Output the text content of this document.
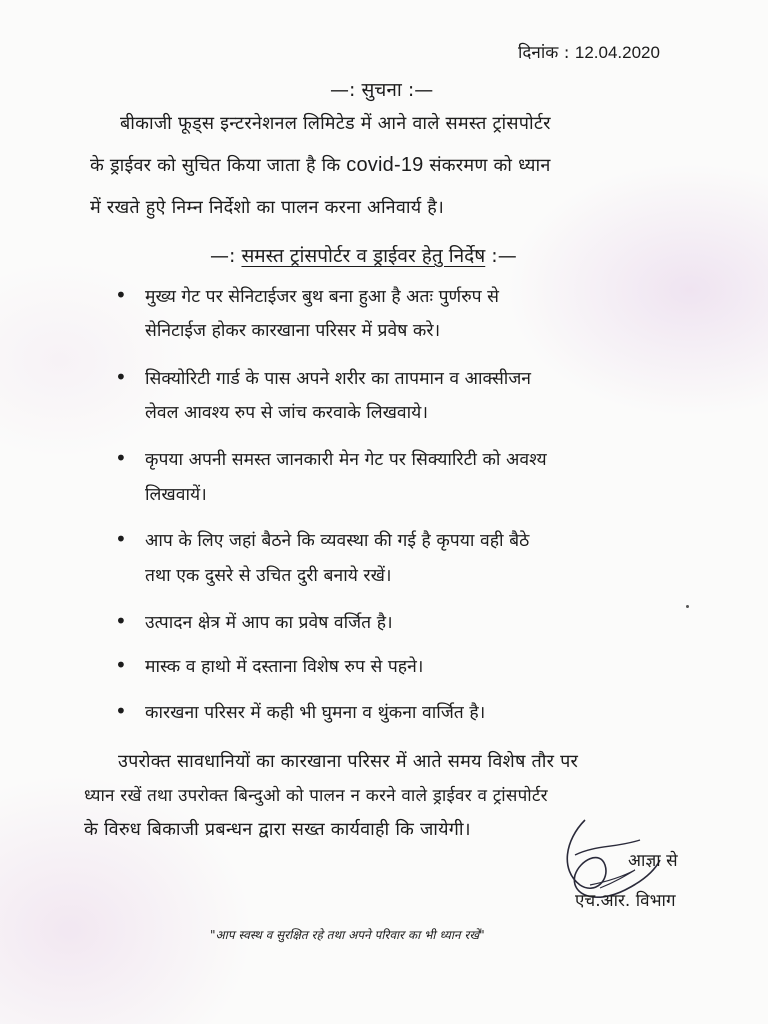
दिनांक : 12.04.2020
—: सुचना :—
बीकाजी फूड्स इन्टरनेशनल लिमिटेड में आने वाले समस्त ट्रांसपोर्टर
के ड्राईवर को सुचित किया जाता है कि covid-19 संकरमण को ध्यान
में रखते हुऐ निम्न निर्देशो का पालन करना अनिवार्य है।
—: समस्त ट्रांसपोर्टर व ड्राईवर हेतु निर्देष :—
• मुख्य गेट पर सेनिटाईजर बुथ बना हुआ है अतः पुर्णरुप से
सेनिटाईज होकर कारखाना परिसर में प्रवेष करे।
• सिक्योरिटी गार्ड के पास अपने शरीर का तापमान व आक्सीजन
लेवल आवश्य रुप से जांच करवाके लिखवाये।
• कृपया अपनी समस्त जानकारी मेन गेट पर सिक्यारिटी को अवश्य
लिखवायें।
• आप के लिए जहां बैठने कि व्यवस्था की गई है कृपया वही बैठे
तथा एक दुसरे से उचित दुरी बनाये रखें।
• उत्पादन क्षेत्र में आप का प्रवेष वर्जित है।
• मास्क व हाथो में दस्ताना विशेष रुप से पहने।
• कारखना परिसर में कही भी घुमना व थुंकना वार्जित है।
उपरोक्त सावधानियों का कारखाना परिसर में आते समय विशेष तौर पर
ध्यान रखें तथा उपरोक्त बिन्दुओ को पालन न करने वाले ड्राईवर व ट्रांसपोर्टर
के विरुध बिकाजी प्रबन्धन द्वारा सख्त कार्यवाही कि जायेगी।
आज्ञा से
एच.आर. विभाग
"आप स्वस्थ व सुरक्षित रहे तथा अपने परिवार का भी ध्यान रखें"
